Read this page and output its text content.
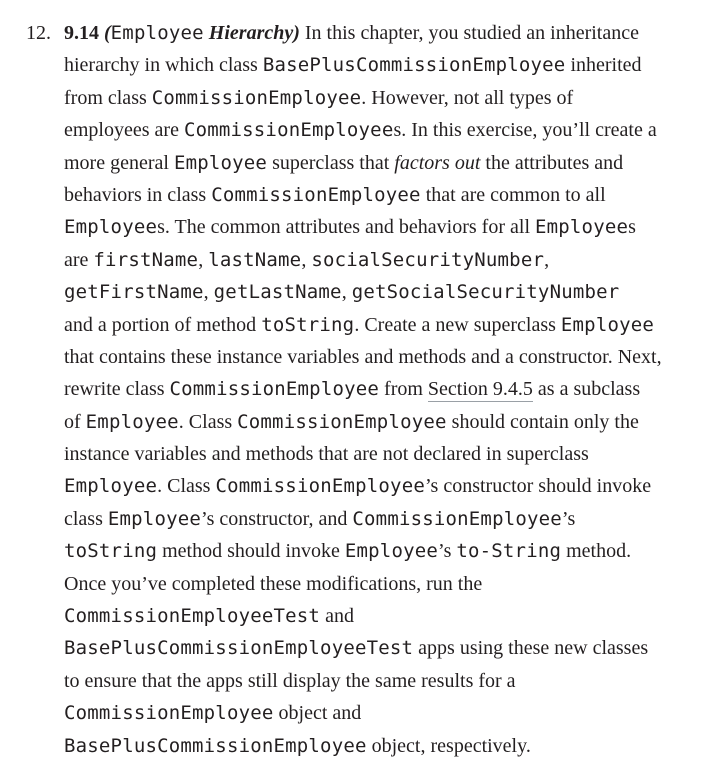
12. 9.14 (Employee Hierarchy) In this chapter, you studied an inheritance
hierarchy in which class BasePlusCommissionEmployee inherited
from class CommissionEmployee. However, not all types of
employees are CommissionEmployees. In this exercise, you’ll create a
more general Employee superclass that factors out the attributes and
behaviors in class CommissionEmployee that are common to all
Employees. The common attributes and behaviors for all Employees
are firstName, lastName, socialSecurityNumber,
getFirstName, getLastName, getSocialSecurityNumber
and a portion of method toString. Create a new superclass Employee
that contains these instance variables and methods and a constructor. Next,
rewrite class CommissionEmployee from Section 9.4.5 as a subclass
of Employee. Class CommissionEmployee should contain only the
instance variables and methods that are not declared in superclass
Employee. Class CommissionEmployee’s constructor should invoke
class Employee’s constructor, and CommissionEmployee’s
toString method should invoke Employee’s to-String method.
Once you’ve completed these modifications, run the
CommissionEmployeeTest and
BasePlusCommissionEmployeeTest apps using these new classes
to ensure that the apps still display the same results for a
CommissionEmployee object and
BasePlusCommissionEmployee object, respectively.
